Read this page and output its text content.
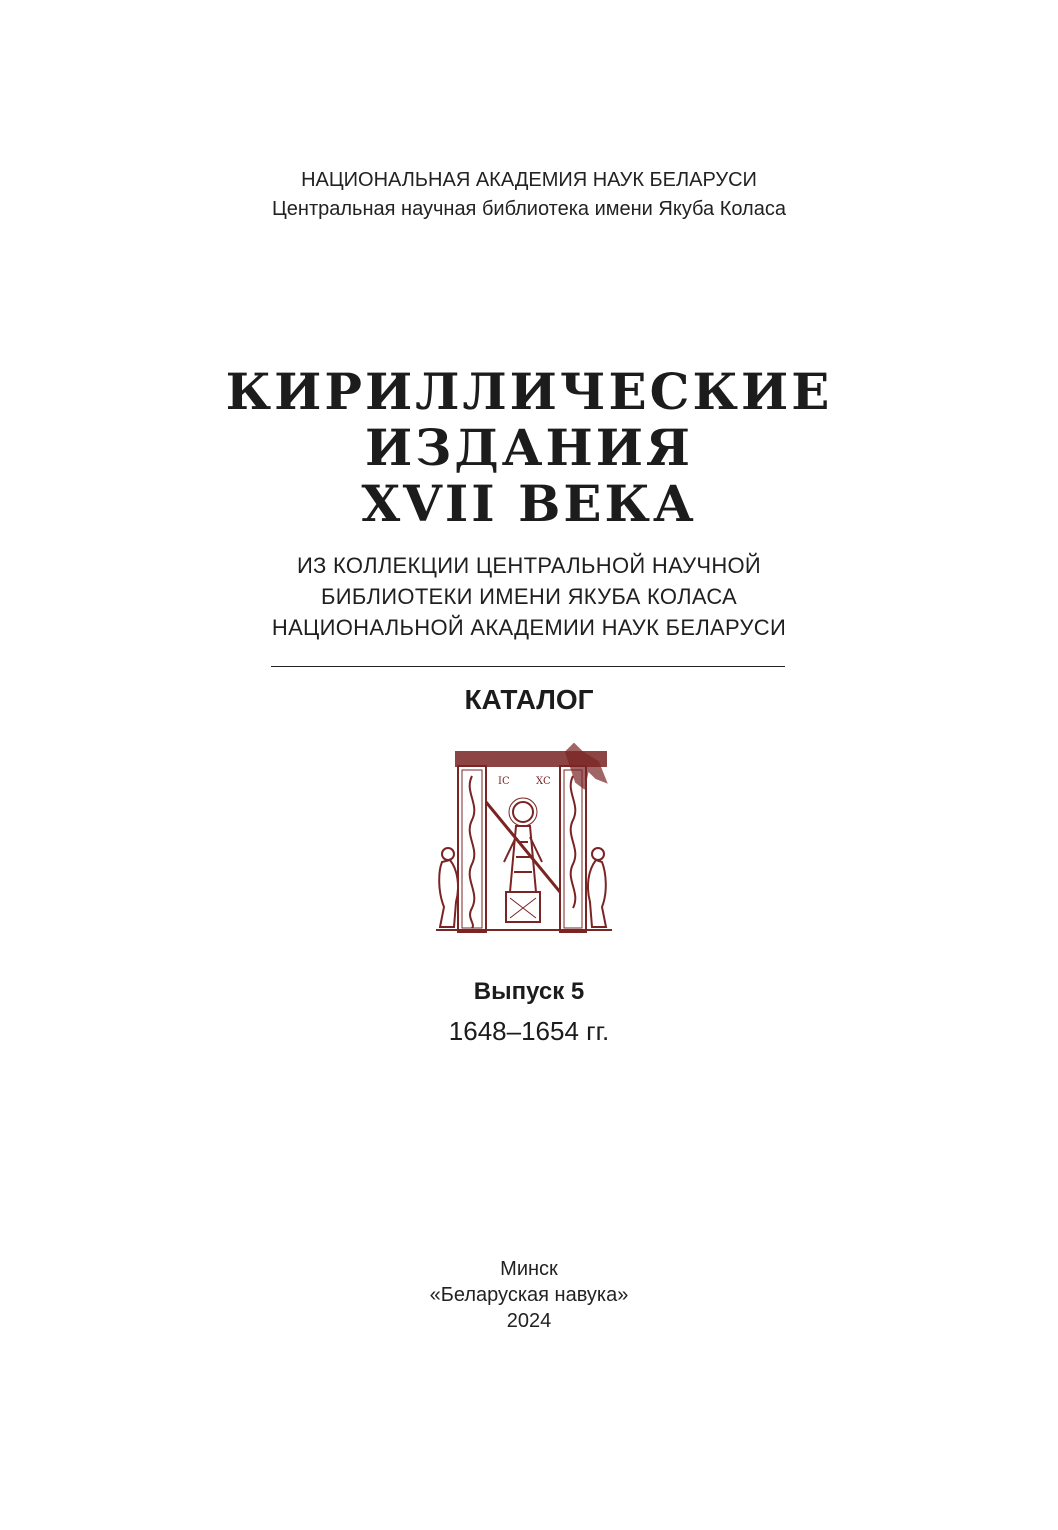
НАЦИОНАЛЬНАЯ АКАДЕМИЯ НАУК БЕЛАРУСИ
Центральная научная библиотека имени Якуба Коласа
КИРИЛЛИЧЕСКИЕ
ИЗДАНИЯ
XVII ВЕКА
ИЗ КОЛЛЕКЦИИ ЦЕНТРАЛЬНОЙ НАУЧНОЙ
БИБЛИОТЕКИ ИМЕНИ ЯКУБА КОЛАСА
НАЦИОНАЛЬНОЙ АКАДЕМИИ НАУК БЕЛАРУСИ
КАТАЛОГ
IC	XC
Выпуск 5
1648–1654 гг.
Минск
«Беларуская навука»
2024
